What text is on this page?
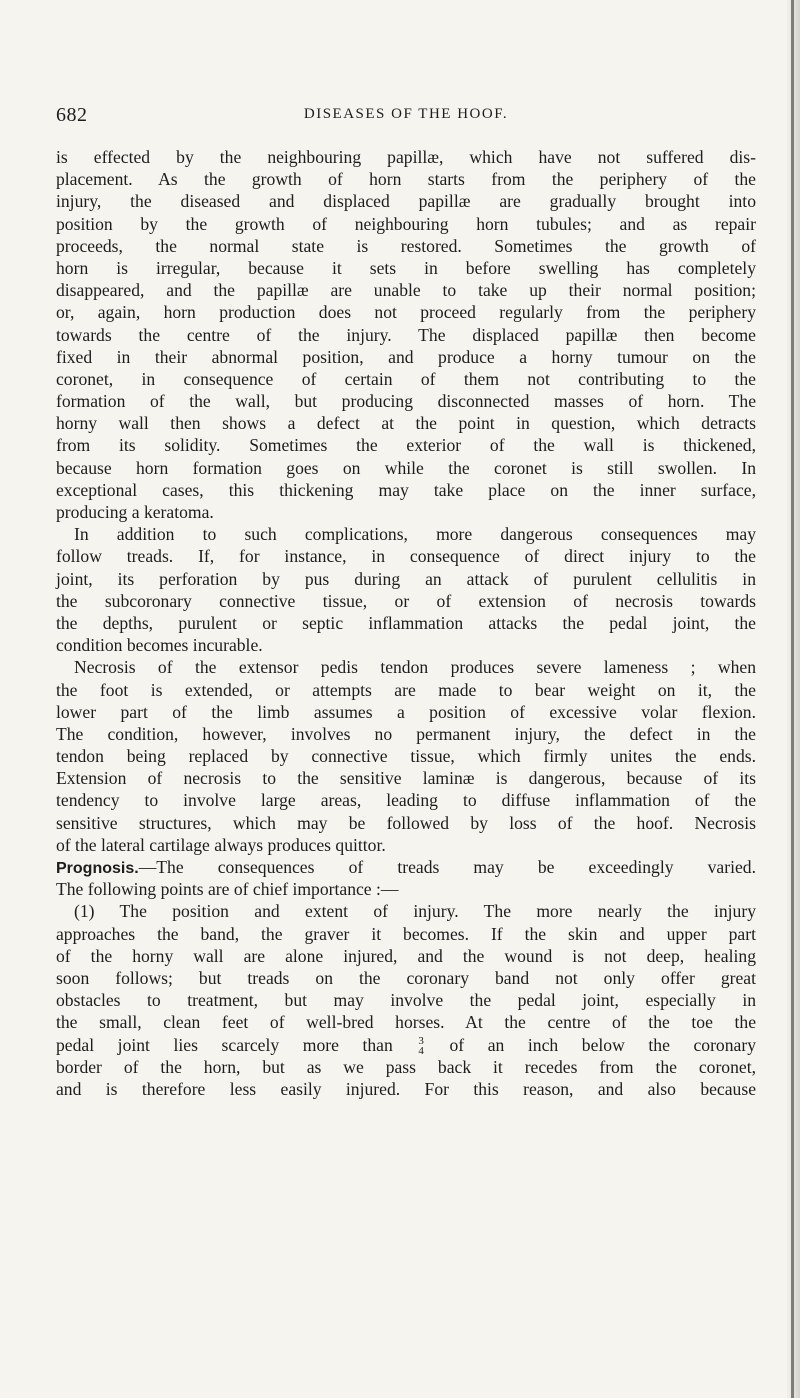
682	DISEASES OF THE HOOF.
is effected by the neighbouring papillæ, which have not suffered dis-
placement. As the growth of horn starts from the periphery of the
injury, the diseased and displaced papillæ are gradually brought into
position by the growth of neighbouring horn tubules; and as repair
proceeds, the normal state is restored. Sometimes the growth of
horn is irregular, because it sets in before swelling has completely
disappeared, and the papillæ are unable to take up their normal position;
or, again, horn production does not proceed regularly from the periphery
towards the centre of the injury. The displaced papillæ then become
fixed in their abnormal position, and produce a horny tumour on the
coronet, in consequence of certain of them not contributing to the
formation of the wall, but producing disconnected masses of horn. The
horny wall then shows a defect at the point in question, which detracts
from its solidity. Sometimes the exterior of the wall is thickened,
because horn formation goes on while the coronet is still swollen. In
exceptional cases, this thickening may take place on the inner surface,
producing a keratoma.
In addition to such complications, more dangerous consequences may
follow treads. If, for instance, in consequence of direct injury to the
joint, its perforation by pus during an attack of purulent cellulitis in
the subcoronary connective tissue, or of extension of necrosis towards
the depths, purulent or septic inflammation attacks the pedal joint, the
condition becomes incurable.
Necrosis of the extensor pedis tendon produces severe lameness ; when
the foot is extended, or attempts are made to bear weight on it, the
lower part of the limb assumes a position of excessive volar flexion.
The condition, however, involves no permanent injury, the defect in the
tendon being replaced by connective tissue, which firmly unites the ends.
Extension of necrosis to the sensitive laminæ is dangerous, because of its
tendency to involve large areas, leading to diffuse inflammation of the
sensitive structures, which may be followed by loss of the hoof. Necrosis
of the lateral cartilage always produces quittor.
Prognosis.—The consequences of treads may be exceedingly varied.
The following points are of chief importance :—
(1) The position and extent of injury. The more nearly the injury
approaches the band, the graver it becomes. If the skin and upper part
of the horny wall are alone injured, and the wound is not deep, healing
soon follows; but treads on the coronary band not only offer great
obstacles to treatment, but may involve the pedal joint, especially in
the small, clean feet of well-bred horses. At the centre of the toe the
pedal joint lies scarcely more than 3
4 of an inch below the coronary
border of the horn, but as we pass back it recedes from the coronet,
and is therefore less easily injured. For this reason, and also because
